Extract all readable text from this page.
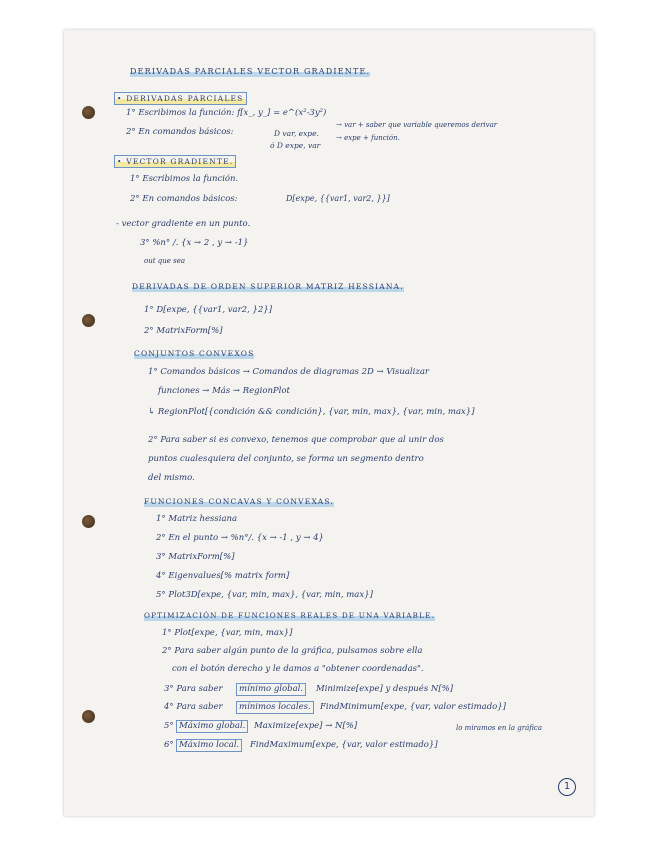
DERIVADAS PARCIALES VECTOR GRADIENTE.
• DERIVADAS PARCIALES
1° Escribimos la función: f[x_, y_] = e^(x²-3y²)
2° En comandos básicos:	D var, expe.
ó D expe, var
→ var + saber que variable queremos derivar
→ expe + función.
• VECTOR GRADIENTE.
1° Escribimos la función.
2° En comandos básicos:	D[expe, {{var1, var2, }}]
- vector gradiente en un punto.
3° %n° /. {x → 2 , y → -1}
out que sea
DERIVADAS DE ORDEN SUPERIOR MATRIZ HESSIANA.
1° D[expe, {{var1, var2, }2}]
2° MatrixForm[%]
CONJUNTOS CONVEXOS
1° Comandos básicos → Comandos de diagramas 2D → Visualizar
funciones → Más → RegionPlot
↳ RegionPlot[{condición && condición}, {var, min, max}, {var, min, max}]
2° Para saber si es convexo, tenemos que comprobar que al unir dos
puntos cualesquiera del conjunto, se forma un segmento dentro
del mismo.
FUNCIONES CONCAVAS Y CONVEXAS.
1° Matriz hessiana
2° En el punto → %n°/. {x → -1 , y → 4}
3° MatrixForm[%]
4° Eigenvalues[% matrix form]
5° Plot3D[expe, {var, min, max}, {var, min, max}]
OPTIMIZACIÓN DE FUNCIONES REALES DE UNA VARIABLE.
1° Plot[expe, {var, min, max}]
2° Para saber algún punto de la gráfica, pulsamos sobre ella
con el botón derecho y le damos a "obtener coordenadas".
3° Para saber	mínimo global.	Minimize[expe] y después N[%]
4° Para saber	mínimos locales.	FindMinimum[expe, {var, valor estimado}]
5° Máximo global.	Maximize[expe] → N[%]	lo miramos en la gráfica
6° Máximo local.	FindMaximum[expe, {var, valor estimado}]
1
